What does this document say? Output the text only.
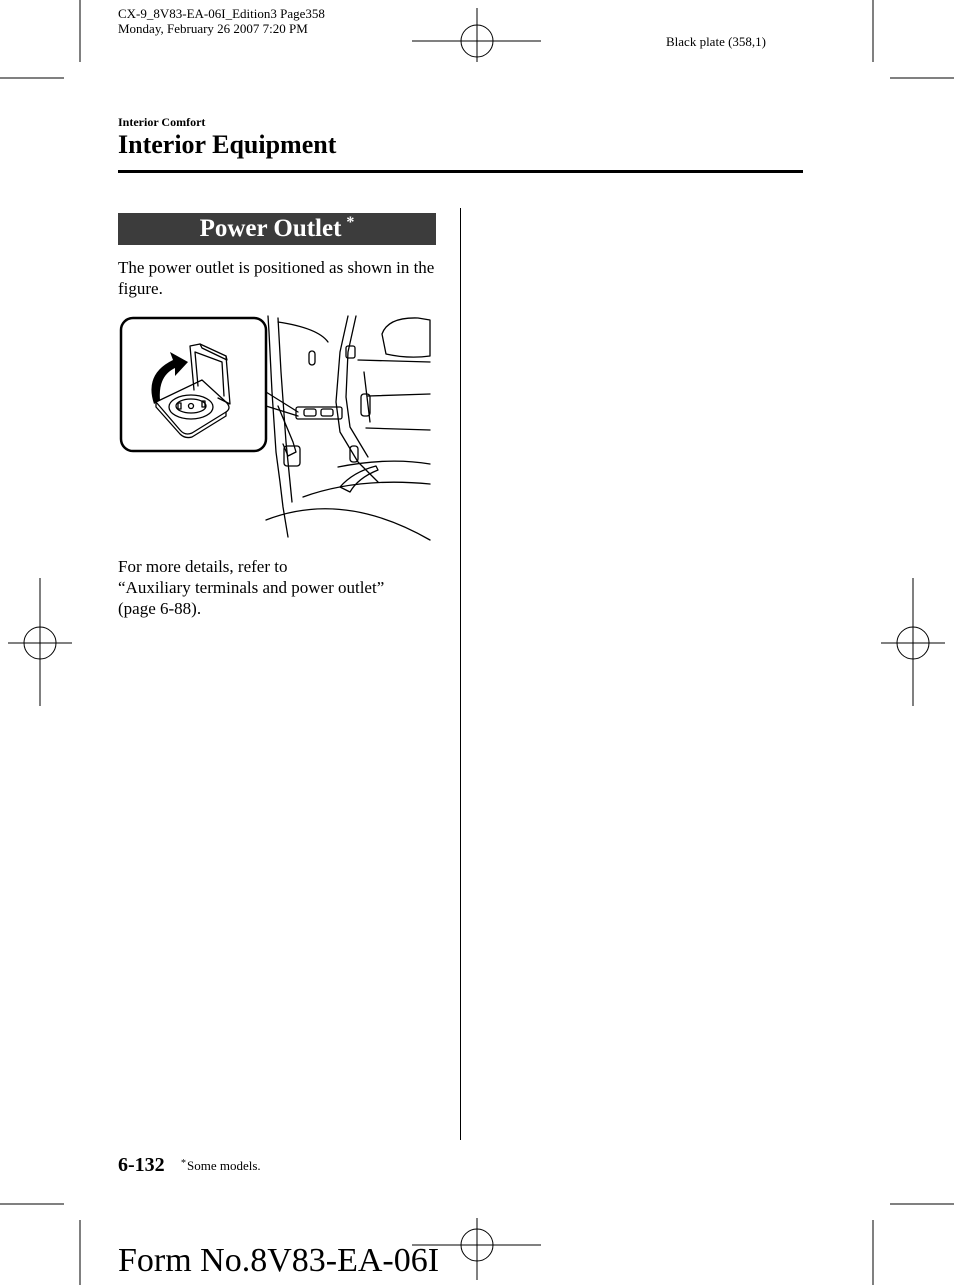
CX-9_8V83-EA-06I_Edition3 Page358
Monday, February 26 2007 7:20 PM
Black plate (358,1)
Interior Comfort
Interior Equipment
Power Outlet *
The power outlet is positioned as shown in the figure.
For more details, refer to
“Auxiliary terminals and power outlet”
(page 6-88).
6-132 *Some models.
Form No.8V83-EA-06I
